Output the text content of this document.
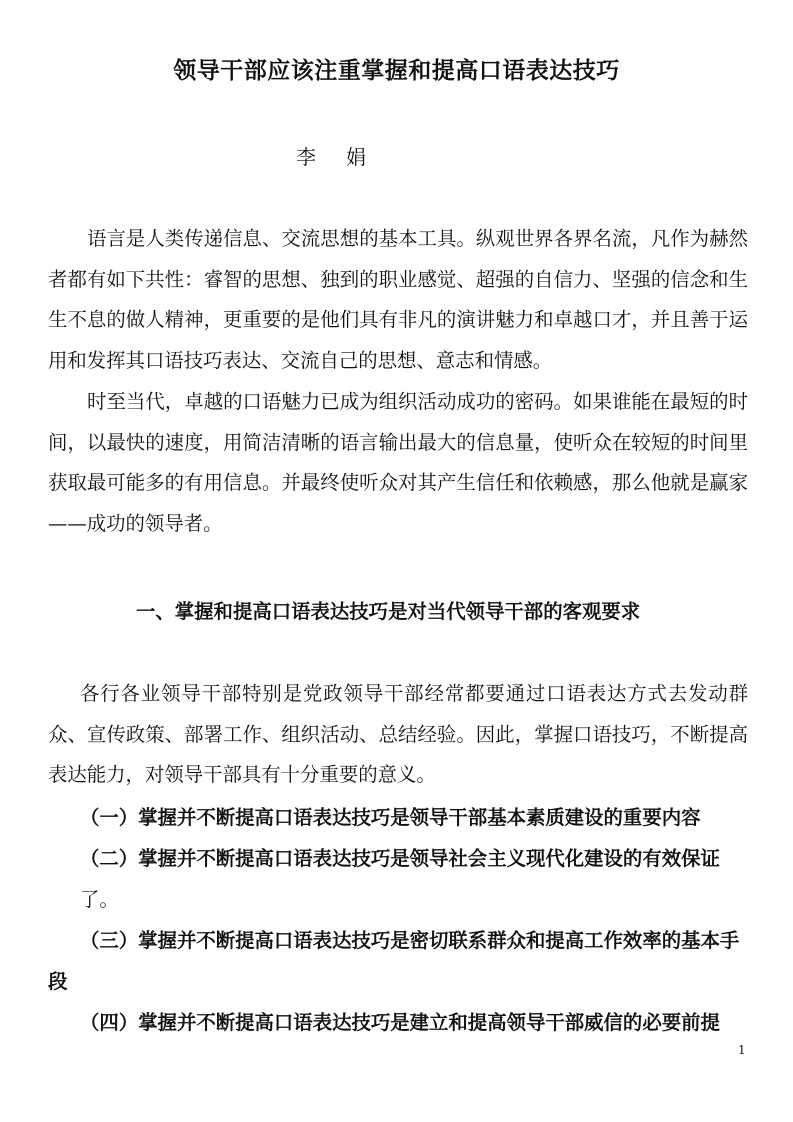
领导干部应该注重掌握和提高口语表达技巧

李 娟

语言是人类传递信息、交流思想的基本工具。纵观世界各界名流，凡作为赫然者都有如下共性：睿智的思想、独到的职业感觉、超强的自信力、坚强的信念和生生不息的做人精神，更重要的是他们具有非凡的演讲魅力和卓越口才，并且善于运用和发挥其口语技巧表达、交流自己的思想、意志和情感。

时至当代，卓越的口语魅力已成为组织活动成功的密码。如果谁能在最短的时间，以最快的速度，用简洁清晰的语言输出最大的信息量，使听众在较短的时间里获取最可能多的有用信息。并最终使听众对其产生信任和依赖感，那么他就是赢家——成功的领导者。

一、掌握和提高口语表达技巧是对当代领导干部的客观要求

各行各业领导干部特别是党政领导干部经常都要通过口语表达方式去发动群众、宣传政策、部署工作、组织活动、总结经验。因此，掌握口语技巧，不断提高表达能力，对领导干部具有十分重要的意义。

（一）掌握并不断提高口语表达技巧是领导干部基本素质建设的重要内容

（二）掌握并不断提高口语表达技巧是领导社会主义现代化建设的有效保证

了。

（三）掌握并不断提高口语表达技巧是密切联系群众和提高工作效率的基本手段

（四）掌握并不断提高口语表达技巧是建立和提高领导干部威信的必要前提

1
